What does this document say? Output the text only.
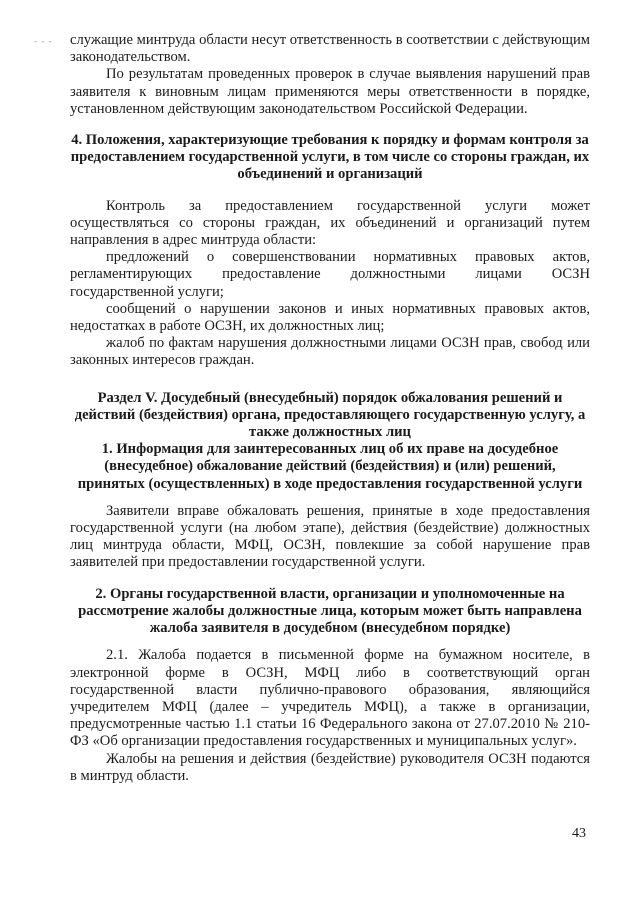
- - - служащие минтруда области несут ответственность в соответствии с действующим законодательством.

По результатам проведенных проверок в случае выявления нарушений прав заявителя к виновным лицам применяются меры ответственности в порядке, установленном действующим законодательством Российской Федерации.

4. Положения, характеризующие требования к порядку и формам контроля за предоставлением государственной услуги, в том числе со стороны граждан, их объединений и организаций

Контроль за предоставлением государственной услуги может осуществляться со стороны граждан, их объединений и организаций путем направления в адрес минтруда области:

предложений о совершенствовании нормативных правовых актов, регламентирующих предоставление должностными лицами ОСЗН государственной услуги;

сообщений о нарушении законов и иных нормативных правовых актов, недостатках в работе ОСЗН, их должностных лиц;

жалоб по фактам нарушения должностными лицами ОСЗН прав, свобод или законных интересов граждан.

Раздел V. Досудебный (внесудебный) порядок обжалования решений и действий (бездействия) органа, предоставляющего государственную услугу, а также должностных лиц

1. Информация для заинтересованных лиц об их праве на досудебное (внесудебное) обжалование действий (бездействия) и (или) решений, принятых (осуществленных) в ходе предоставления государственной услуги

Заявители вправе обжаловать решения, принятые в ходе предоставления государственной услуги (на любом этапе), действия (бездействие) должностных лиц минтруда области, МФЦ, ОСЗН, повлекшие за собой нарушение прав заявителей при предоставлении государственной услуги.

2. Органы государственной власти, организации и уполномоченные на рассмотрение жалобы должностные лица, которым может быть направлена жалоба заявителя в досудебном (внесудебном порядке)

2.1. Жалоба подается в письменной форме на бумажном носителе, в электронной форме в ОСЗН, МФЦ либо в соответствующий орган государственной власти публично-правового образования, являющийся учредителем МФЦ (далее – учредитель МФЦ), а также в организации, предусмотренные частью 1.1 статьи 16 Федерального закона от 27.07.2010 № 210-ФЗ «Об организации предоставления государственных и муниципальных услуг».

Жалобы на решения и действия (бездействие) руководителя ОСЗН подаются в минтруд области.

43
